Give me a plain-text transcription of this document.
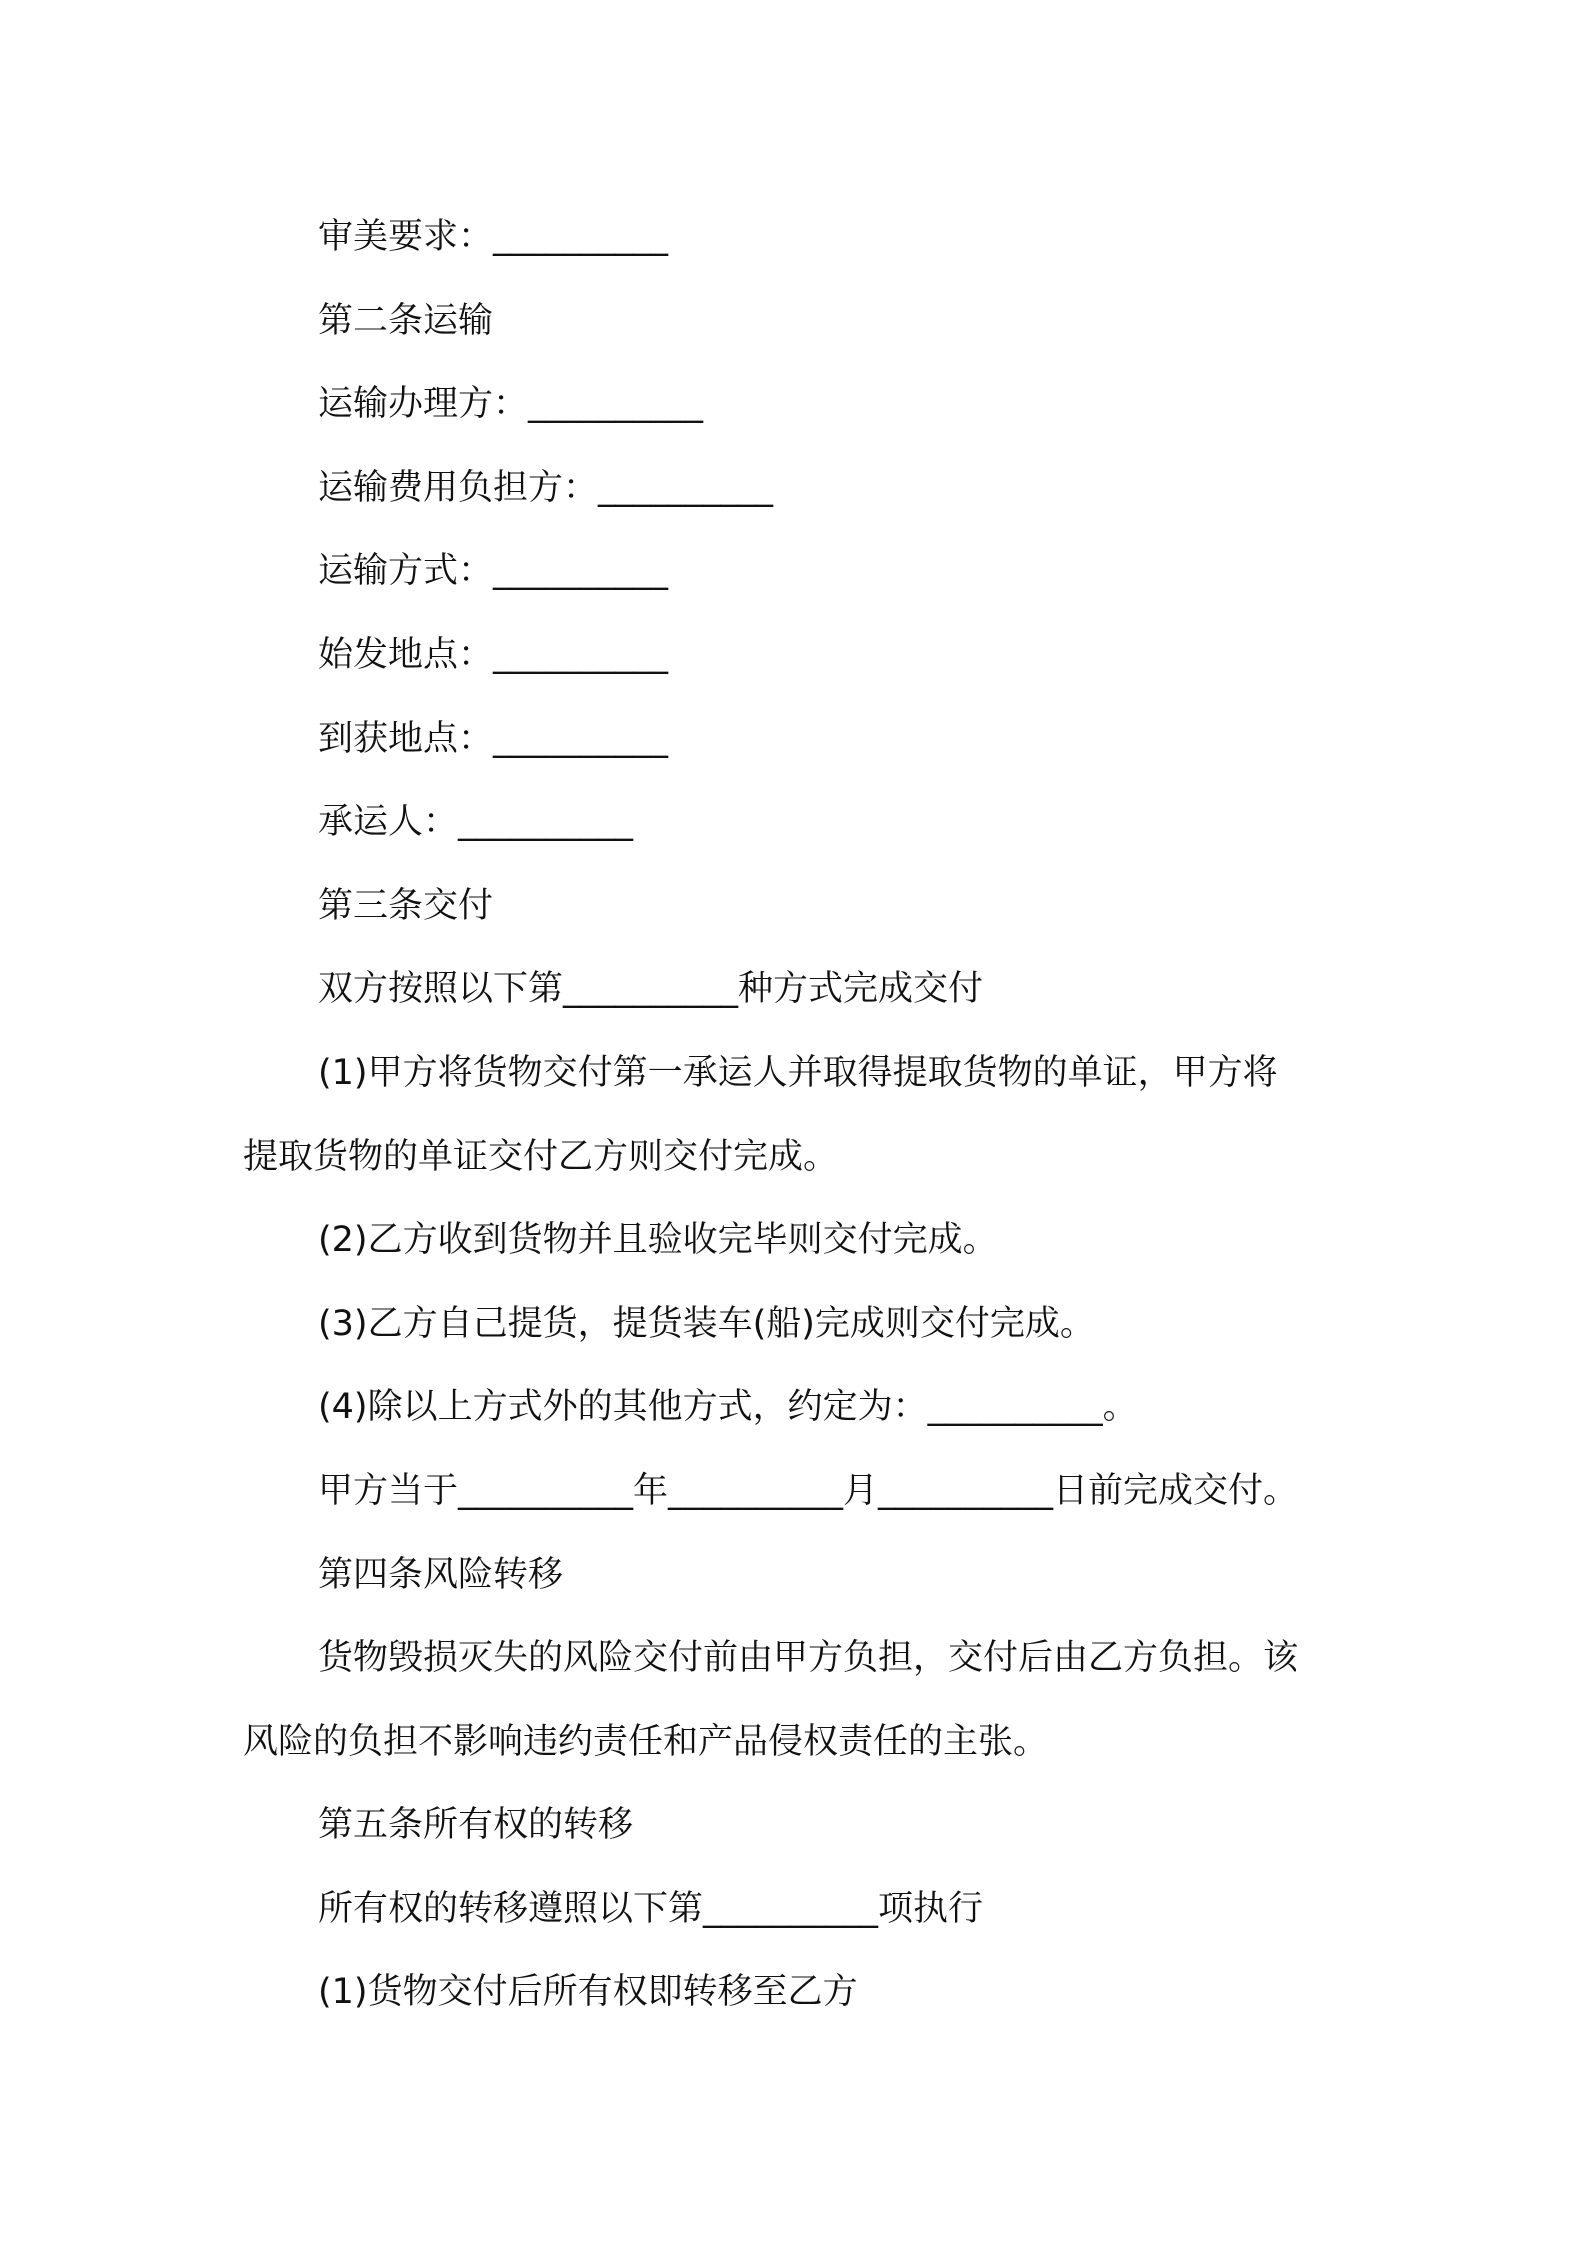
审美要求：__________
第二条运输
运输办理方：__________
运输费用负担方：__________
运输方式：__________
始发地点：__________
到获地点：__________
承运人：__________
第三条交付
双方按照以下第__________种方式完成交付
(1)甲方将货物交付第一承运人并取得提取货物的单证，甲方将
提取货物的单证交付乙方则交付完成。
(2)乙方收到货物并且验收完毕则交付完成。
(3)乙方自己提货，提货装车(船)完成则交付完成。
(4)除以上方式外的其他方式，约定为：__________。
甲方当于__________年__________月__________日前完成交付。
第四条风险转移
货物毁损灭失的风险交付前由甲方负担，交付后由乙方负担。该
风险的负担不影响违约责任和产品侵权责任的主张。
第五条所有权的转移
所有权的转移遵照以下第__________项执行
(1)货物交付后所有权即转移至乙方
